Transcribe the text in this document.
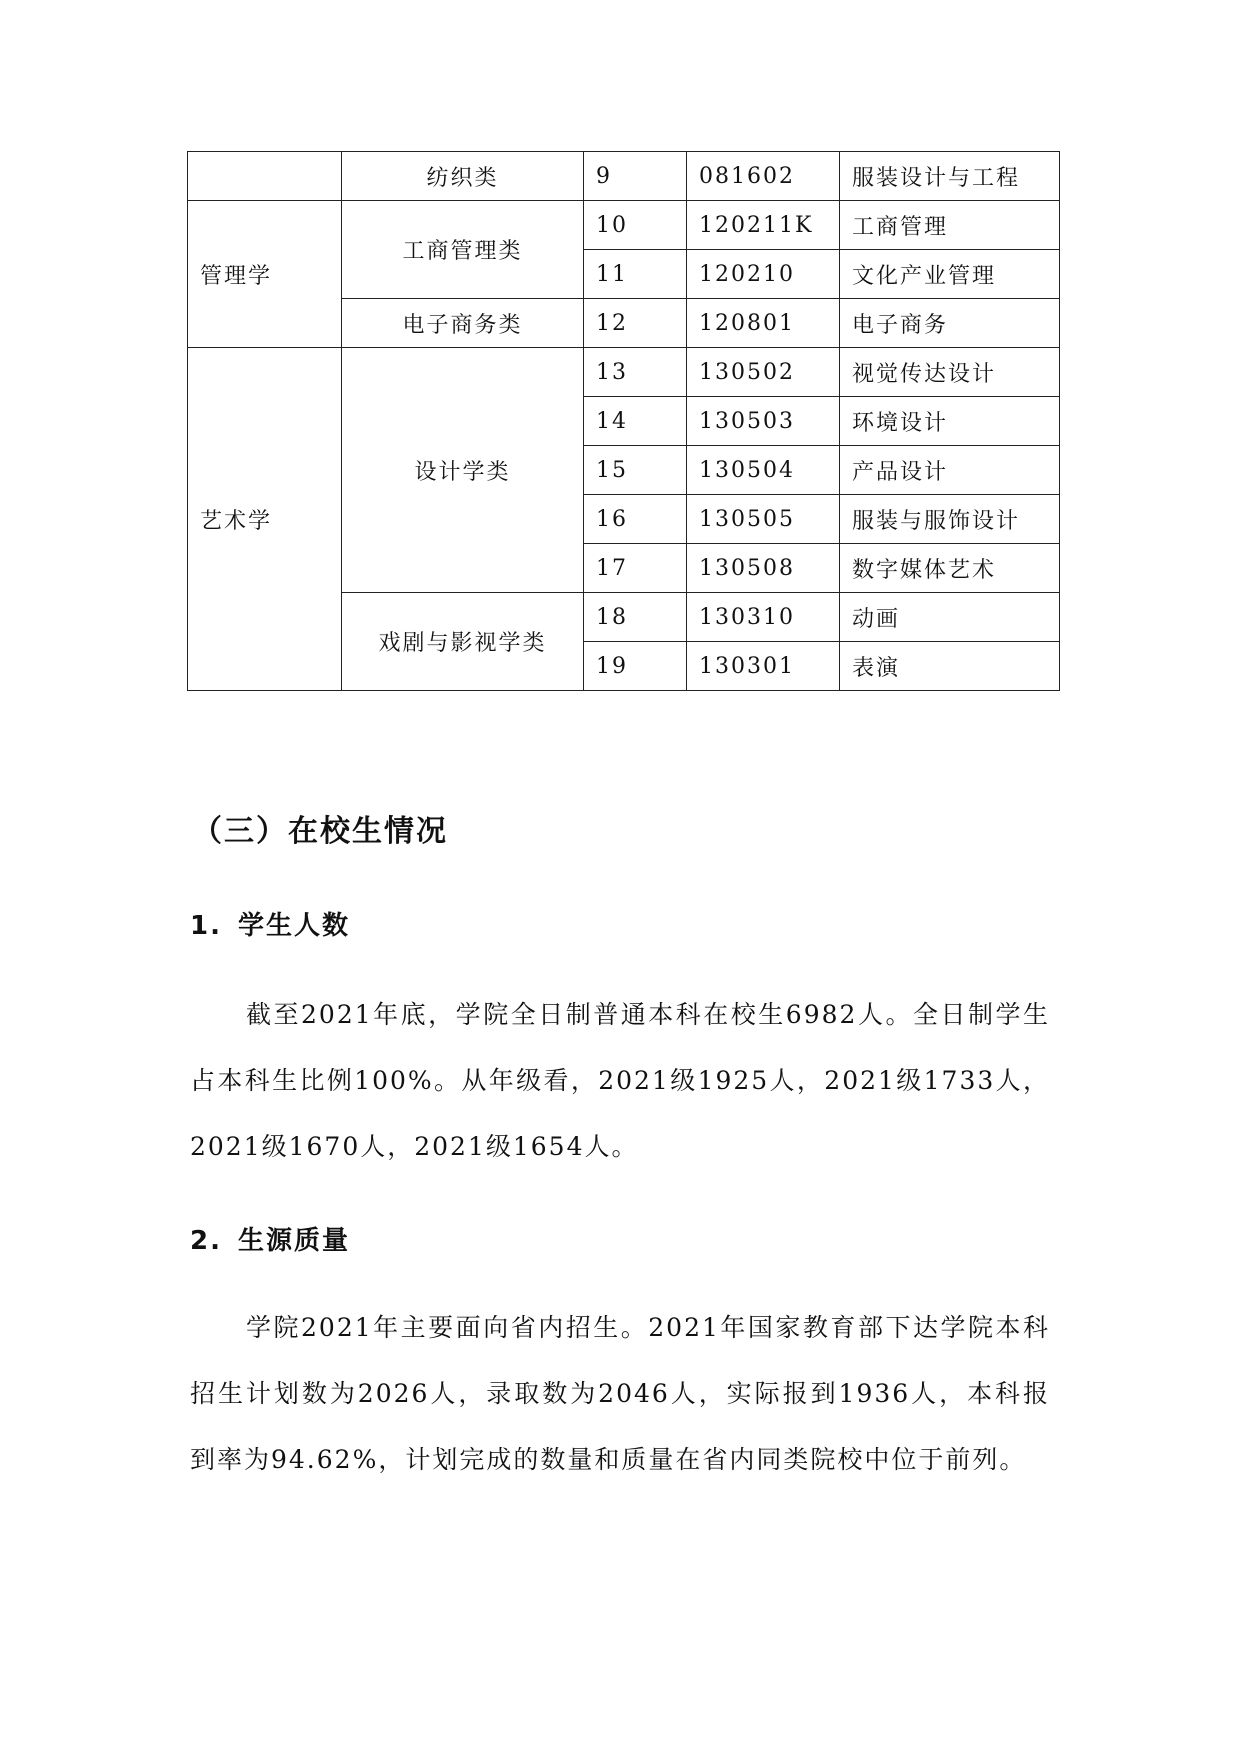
	纺织类	9	081602	服装设计与工程
管理学	工商管理类	10	120211K	工商管理
		11	120210	文化产业管理
	电子商务类	12	120801	电子商务
艺术学	设计学类	13	130502	视觉传达设计
		14	130503	环境设计
		15	130504	产品设计
		16	130505	服装与服饰设计
		17	130508	数字媒体艺术
	戏剧与影视学类	18	130310	动画
		19	130301	表演
（三）在校生情况
1. 学生人数

截至2021年底，学院全日制普通本科在校生6982人。全日制学生占本科生比例100%。从年级看，2021级1925人，2021级1733人，2021级1670人，2021级1654人。

2. 生源质量

学院2021年主要面向省内招生。2021年国家教育部下达学院本科招生计划数为2026人，录取数为2046人，实际报到1936人，本科报到率为94.62%，计划完成的数量和质量在省内同类院校中位于前列。
